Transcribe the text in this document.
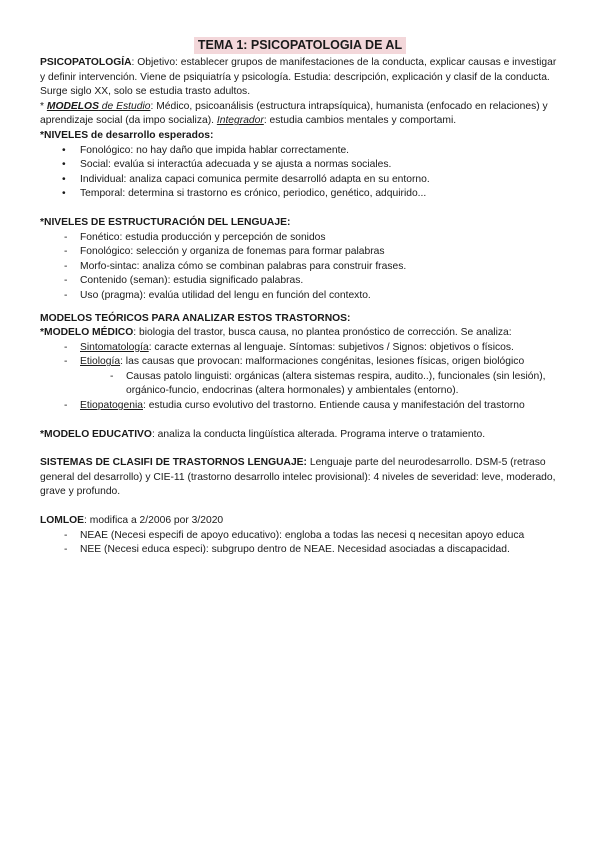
TEMA 1: PSICOPATOLOGIA DE AL

PSICOPATOLOGÍA: Objetivo: establecer grupos de manifestaciones de la conducta, explicar causas e investigar y definir intervención. Viene de psiquiatría y psicología. Estudia: descripción, explicación y clasif de la conducta. Surge siglo XX, solo se estudia trasto adultos.

* MODELOS de Estudio: Médico, psicoanálisis (estructura intrapsíquica), humanista (enfocado en relaciones) y aprendizaje social (da impo socializa). Integrador: estudia cambios mentales y comportami.

*NIVELES de desarrollo esperados:

• Fonológico: no hay daño que impida hablar correctamente.
• Social: evalúa si interactúa adecuada y se ajusta a normas sociales.
• Individual: analiza capaci comunica permite desarrolló adapta en su entorno.
• Temporal: determina si trastorno es crónico, periodico, genético, adquirido...

*NIVELES DE ESTRUCTURACIÓN DEL LENGUAJE:

- Fonético: estudia producción y percepción de sonidos
- Fonológico: selección y organiza de fonemas para formar palabras
- Morfo-sintac: analiza cómo se combinan palabras para construir frases.
- Contenido (seman): estudia significado palabras.
- Uso (pragma): evalúa utilidad del lengu en función del contexto.

MODELOS TEÓRICOS PARA ANALIZAR ESTOS TRASTORNOS:

*MODELO MÉDICO: biologia del trastor, busca causa, no plantea pronóstico de corrección. Se analiza:

- Sintomatología: caracte externas al lenguaje. Síntomas: subjetivos / Signos: objetivos o físicos.
- Etiología: las causas que provocan: malformaciones congénitas, lesiones físicas, origen biológico
- Causas patolo linguisti: orgánicas (altera sistemas respira, audito..), funcionales (sin lesión), orgánico-funcio, endocrinas (altera hormonales) y ambientales (entorno).
- Etiopatogenia: estudia curso evolutivo del trastorno. Entiende causa y manifestación del trastorno

*MODELO EDUCATIVO: analiza la conducta lingüística alterada. Programa interve o tratamiento.

SISTEMAS DE CLASIFI DE TRASTORNOS LENGUAJE: Lenguaje parte del neurodesarrollo. DSM-5 (retraso general del desarrollo) y CIE-11 (trastorno desarrollo intelec provisional): 4 niveles de severidad: leve, moderado, grave y profundo.

LOMLOE: modifica a 2/2006 por 3/2020

- NEAE (Necesi especifi de apoyo educativo): engloba a todas las necesi q necesitan apoyo educa
- NEE (Necesi educa especi): subgrupo dentro de NEAE. Necesidad asociadas a discapacidad.
